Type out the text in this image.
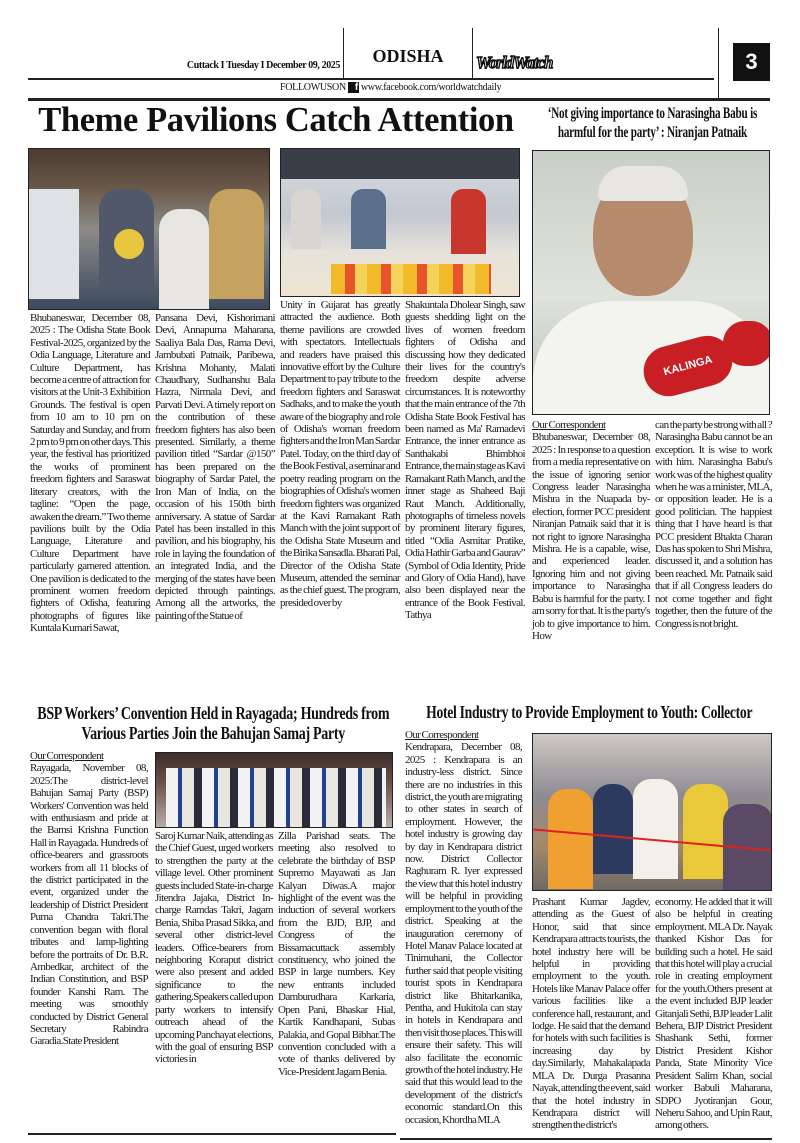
Cuttack I Tuesday I December 09, 2025	ODISHA	WorldWatch	3
FOLLOWUSON f www.facebook.com/worldwatchdaily
Theme Pavilions Catch Attention
Bhubaneswar, December 08, 2025 : The Odisha State Book Festival-2025, organized by the Odia Language, Literature and Culture Department, has become a centre of attraction for visitors at the Unit-3 Exhibition Grounds. The festival is open from 10 am to 10 pm on Saturday and Sunday, and from 2 pm to 9 pm on other days. This year, the festival has prioritized the works of prominent freedom fighters and Saraswat literary creators, with the tagline: “Open the page, awaken the dream.” Two theme pavilions built by the Odia Language, Literature and Culture Department have particularly garnered attention. One pavilion is dedicated to the prominent women freedom fighters of Odisha, featuring photographs of figures like Kuntala Kumari Sawat,
Pansana Devi, Kishorimani Devi, Annapurna Maharana, Saaliya Bala Das, Rama Devi, Jambubati Patnaik, Paribewa, Krishna Mohanty, Malati Chaudhary, Sudhanshu Bala Hazra, Nirmala Devi, and Parvati Devi. A timely report on the contribution of these freedom fighters has also been presented. Similarly, a theme pavilion titled “Sardar @150” has been prepared on the biography of Sardar Patel, the Iron Man of India, on the occasion of his 150th birth anniversary. A statue of Sardar Patel has been installed in this pavilion, and his biography, his role in laying the foundation of an integrated India, and the merging of the states have been depicted through paintings. Among all the artworks, the painting of the Statue of
Unity in Gujarat has greatly attracted the audience. Both theme pavilions are crowded with spectators. Intellectuals and readers have praised this innovative effort by the Culture Department to pay tribute to the freedom fighters and Saraswat Sadhaks, and to make the youth aware of the biography and role of Odisha's woman freedom fighters and the Iron Man Sardar Patel. Today, on the third day of the Book Festival, a seminar and poetry reading program on the biographies of Odisha's women freedom fighters was organized at the Kavi Ramakant Rath Manch with the joint support of the Odisha State Museum and the Birika Sansadla. Bharati Pal, Director of the Odisha State Museum, attended the seminar as the chief guest. The program, presided over by
Shakuntala Dholear Singh, saw guests shedding light on the lives of women freedom fighters of Odisha and discussing how they dedicated their lives for the country's freedom despite adverse circumstances. It is noteworthy that the main entrance of the 7th Odisha State Book Festival has been named as Ma' Ramadevi Entrance, the inner entrance as Santhakabi Bhimbhoi Entrance, the main stage as Kavi Ramakant Rath Manch, and the inner stage as Shaheed Baji Raut Manch. Additionally, photographs of timeless novels by prominent literary figures, titled “Odia Asmitar Pratike, Odia Hathir Garba and Gaurav” (Symbol of Odia Identity, Pride and Glory of Odia Hand), have also been displayed near the entrance of the Book Festival. Tathya
‘Not giving importance to Narasingha Babu is harmful for the party’ : Niranjan Patnaik
KALINGA
Our Correspondent
Bhubaneswar, December 08, 2025 : In response to a question from a media representative on the issue of ignoring senior Congress leader Narasingha Mishra in the Nuapada by-election, former PCC president Niranjan Patnaik said that it is not right to ignore Narasingha Mishra. He is a capable, wise, and experienced leader. Ignoring him and not giving importance to Narasingha Babu is harmful for the party. I am sorry for that. It is the party's job to give importance to him. How
can the party be strong with all ? Narasingha Babu cannot be an exception. It is wise to work with him. Narasingha Babu's work was of the highest quality when he was a minister, MLA, or opposition leader. He is a good politician. The happiest thing that I have heard is that PCC president Bhakta Charan Das has spoken to Shri Mishra, discussed it, and a solution has been reached. Mr. Patnaik said that if all Congress leaders do not come together and fight together, then the future of the Congress is not bright.
BSP Workers’ Convention Held in Rayagada; Hundreds from Various Parties Join the Bahujan Samaj Party
Our Correspondent
Rayagada, November 08, 2025:The district-level Bahujan Samaj Party (BSP) Workers' Convention was held with enthusiasm and pride at the Bamsi Krishna Function Hall in Rayagada. Hundreds of office-bearers and grassroots workers from all 11 blocks of the district participated in the event, organized under the leadership of District President Purna Chandra Takri.The convention began with floral tributes and lamp-lighting before the portraits of Dr. B.R. Ambedkar, architect of the Indian Constitution, and BSP founder Kanshi Ram. The meeting was smoothly conducted by District General Secretary Rabindra Garadia.State President
Saroj Kumar Naik, attending as the Chief Guest, urged workers to strengthen the party at the village level. Other prominent guests included State-in-charge Jitendra Jajaka, District In-charge Ramdas Takri, Jagam Benia, Shiba Prasad Sikka, and several other district-level leaders. Office-bearers from neighboring Koraput district were also present and added significance to the gathering.Speakers called upon party workers to intensify outreach ahead of the upcoming Panchayat elections, with the goal of ensuring BSP victories in
Zilla Parishad seats. The meeting also resolved to celebrate the birthday of BSP Supremo Mayawati as Jan Kalyan Diwas.A major highlight of the event was the induction of several workers from the BJD, BJP, and Congress of the Bissamacuttack assembly constituency, who joined the BSP in large numbers. Key new entrants included Damburudhara Karkaria, Open Pani, Bhaskar Hial, Kartik Kandhapani, Subas Palakia, and Gopal Bibhar.The convention concluded with a vote of thanks delivered by Vice-President Jagam Benia.
Hotel Industry to Provide Employment to Youth: Collector
Our Correspondent
Kendrapara, December 08, 2025 : Kendrapara is an industry-less district. Since there are no industries in this district, the youth are migrating to other states in search of employment. However, the hotel industry is growing day by day in Kendrapara district now. District Collector Raghuram R. Iyer expressed the view that this hotel industry will be helpful in providing employment to the youth of the district. Speaking at the inauguration ceremony of Hotel Manav Palace located at Tinimuhani, the Collector further said that people visiting tourist spots in Kendrapara district like Bhitarkanika, Pentha, and Hukitola can stay in hotels in Kendrapara and then visit those places. This will ensure their safety. This will also facilitate the economic growth of the hotel industry. He said that this would lead to the development of the district's economic standard.On this occasion, Khordha MLA
Prashant Kumar Jagdev, attending as the Guest of Honor, said that since Kendrapara attracts tourists, the hotel industry here will be helpful in providing employment to the youth. Hotels like Manav Palace offer various facilities like a conference hall, restaurant, and lodge. He said that the demand for hotels with such facilities is increasing day by day.Similarly, Mahakalapada MLA Dr. Durga Prasanna Nayak, attending the event, said that the hotel industry in Kendrapara district will strengthen the district's
economy. He added that it will also be helpful in creating employment. MLA Dr. Nayak thanked Kishor Das for building such a hotel. He said that this hotel will play a crucial role in creating employment for the youth.Others present at the event included BJP leader Gitanjali Sethi, BJP leader Lalit Behera, BJP District President Shashank Sethi, former District President Kishor Panda, State Minority Vice President Salim Khan, social worker Babuli Maharana, SDPO Jyotiranjan Gour, Neheru Sahoo, and Upin Raut, among others.
